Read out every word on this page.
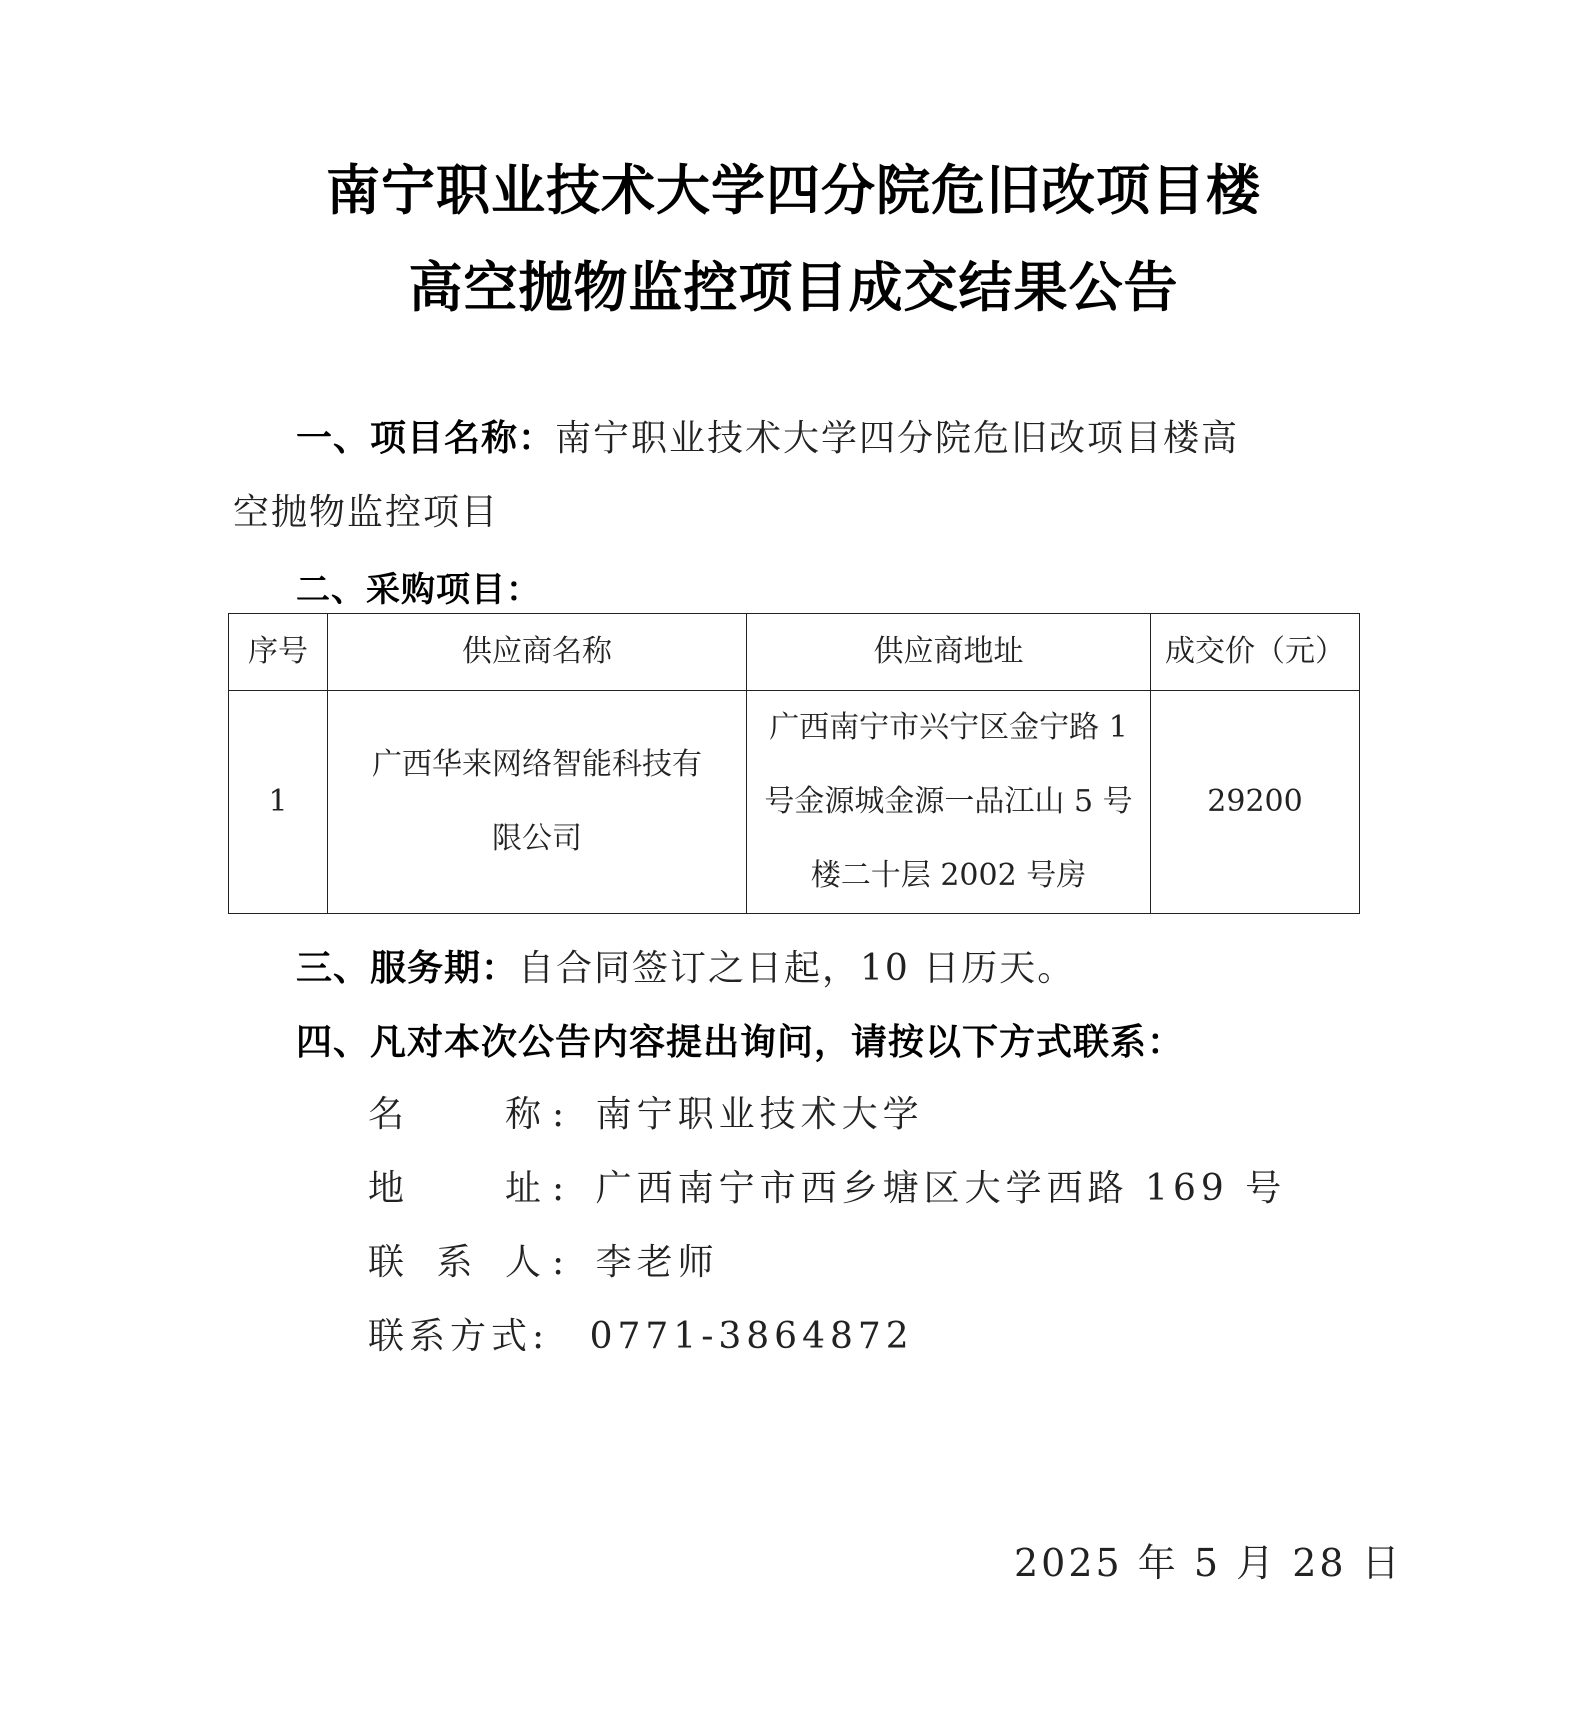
南宁职业技术大学四分院危旧改项目楼
高空抛物监控项目成交结果公告
一、项目名称：南宁职业技术大学四分院危旧改项目楼高
空抛物监控项目
二、采购项目：
序号	供应商名称	供应商地址	成交价（元）
1	广西华来网络智能科技有限公司	广西南宁市兴宁区金宁路 1 号金源城金源一品江山 5 号楼二十层 2002 号房	29200
三、服务期：自合同签订之日起，10 日历天。
四、凡对本次公告内容提出询问，请按以下方式联系：
名	称 : 南宁职业技术大学
地	址 : 广西南宁市西乡塘区大学西路 169 号
联 系 人 : 李老师
联系方式: 0771-3864872
2025 年 5 月 28 日
